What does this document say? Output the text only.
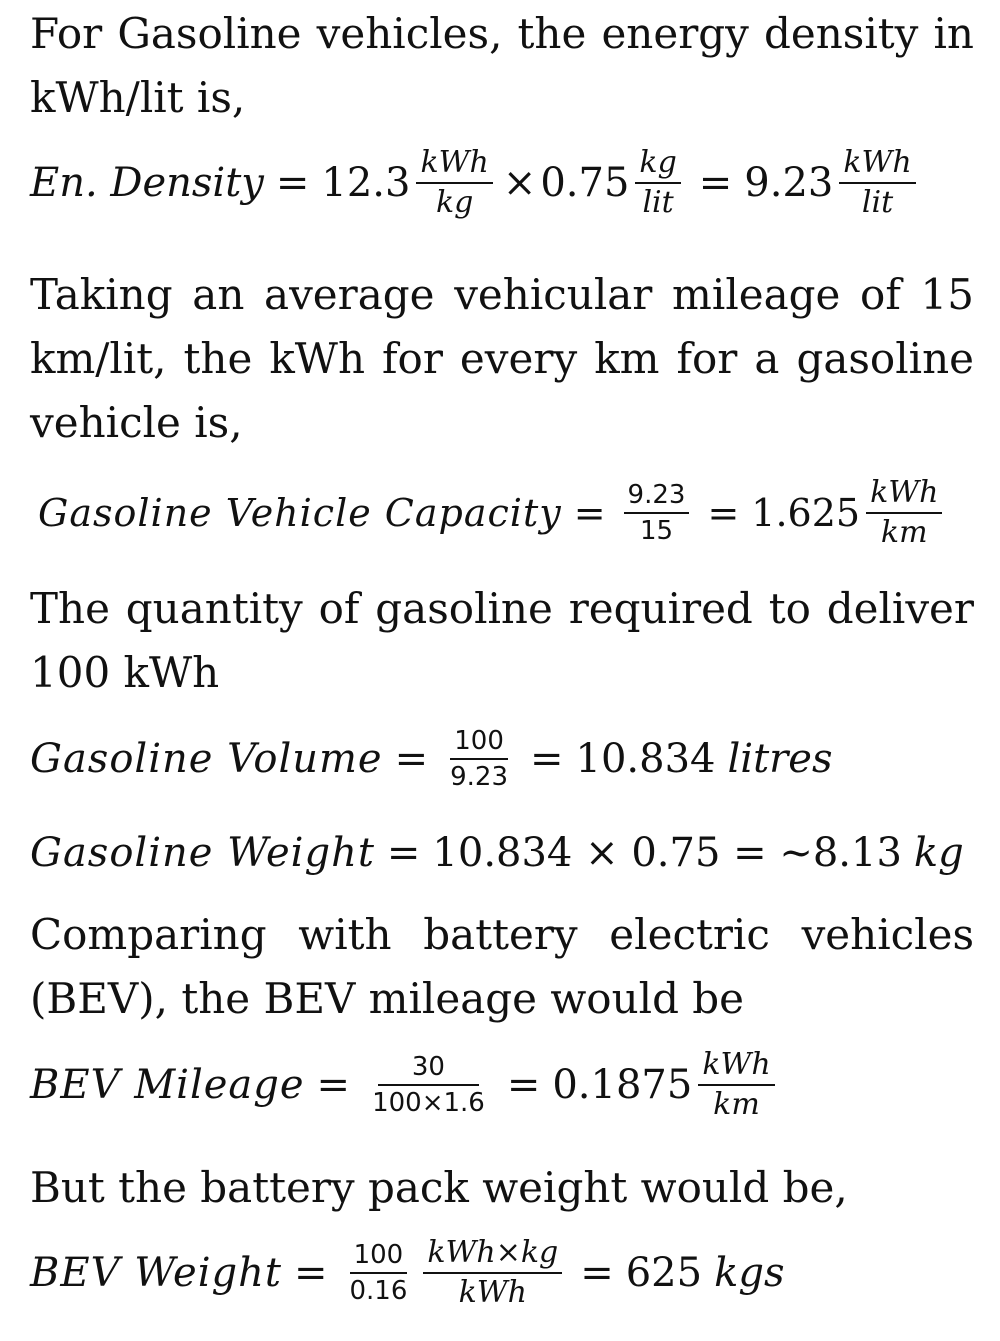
For Gasoline vehicles, the energy density in kWh/lit is,

En. Density = $12.3 \frac{\text{kWh}}{kg} \times 0.75 \frac{kg}{\text{lit}} = 9.23 \frac{\text{kWh}}{\text{lit}}$

Taking an average vehicular mileage of 15 km/lit, the kWh for every km for a gasoline vehicle is,

Gasoline Vehicle Capacity = $\frac{9.23}{15} = 1.625 \frac{\text{kWh}}{km}$

The quantity of gasoline required to deliver 100 kWh

Gasoline Volume = $\frac{100}{9.23} = 10.834$ litres
Gasoline Weight = 10.834 × 0.75 = ~8.13 kg

Comparing with battery electric vehicles (BEV), the BEV mileage would be

BEV Mileage = $\frac{30}{100\times 1.6} = 0.1875 \frac{\text{kWh}}{km}$

But the battery pack weight would be,

BEV Weight = $\frac{100}{0.16} \frac{\text{kWh×kg}}{\text{kWh}} = 625$ kgs
